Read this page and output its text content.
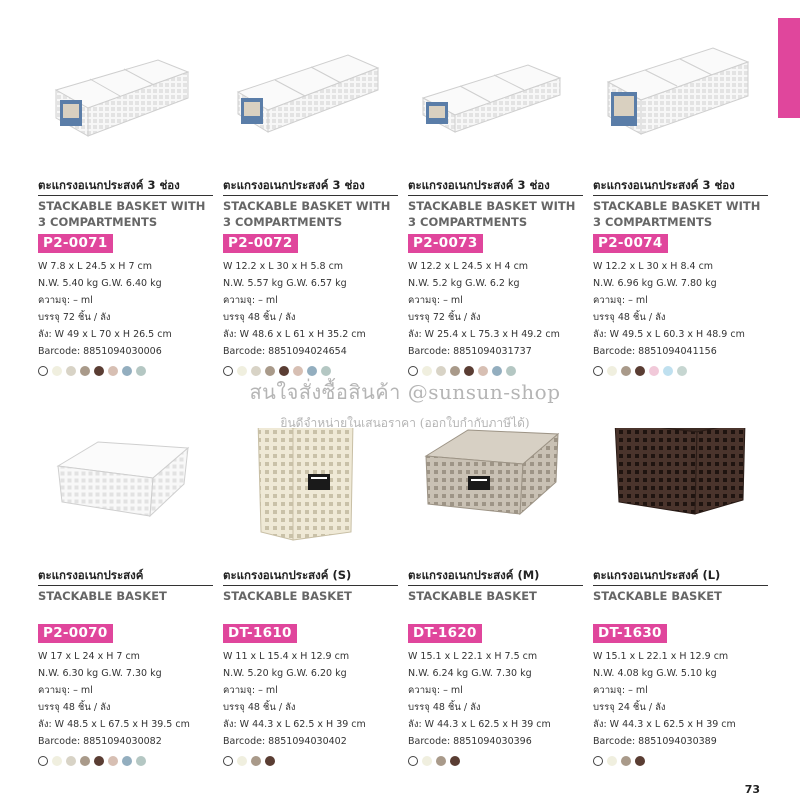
ตะแกรงอเนกประสงค์ 3 ช่อง
STACKABLE BASKET WITH
3 COMPARTMENTS
P2-0071
W 7.8 x L 24.5 x H 7 cm
N.W. 5.40 kg G.W. 6.40 kg
ความจุ: – ml
บรรจุ 72 ชิ้น / ลัง
ลัง: W 49 x L 70 x H 26.5 cm
Barcode: 8851094030006
ตะแกรงอเนกประสงค์ 3 ช่อง
STACKABLE BASKET WITH
3 COMPARTMENTS
P2-0072
W 12.2 x L 30 x H 5.8 cm
N.W. 5.57 kg G.W. 6.57 kg
ความจุ: – ml
บรรจุ 48 ชิ้น / ลัง
ลัง: W 48.6 x L 61 x H 35.2 cm
Barcode: 8851094024654
ตะแกรงอเนกประสงค์ 3 ช่อง
STACKABLE BASKET WITH
3 COMPARTMENTS
P2-0073
W 12.2 x L 24.5 x H 4 cm
N.W. 5.2 kg G.W. 6.2 kg
ความจุ: – ml
บรรจุ 72 ชิ้น / ลัง
ลัง: W 25.4 x L 75.3 x H 49.2 cm
Barcode: 8851094031737
ตะแกรงอเนกประสงค์ 3 ช่อง
STACKABLE BASKET WITH
3 COMPARTMENTS
P2-0074
W 12.2 x L 30 x H 8.4 cm
N.W. 6.96 kg G.W. 7.80 kg
ความจุ: – ml
บรรจุ 48 ชิ้น / ลัง
ลัง: W 49.5 x L 60.3 x H 48.9 cm
Barcode: 8851094041156
ตะแกรงอเนกประสงค์
STACKABLE BASKET
P2-0070
W 17 x L 24 x H 7 cm
N.W. 6.30 kg G.W. 7.30 kg
ความจุ: – ml
บรรจุ 48 ชิ้น / ลัง
ลัง: W 48.5 x L 67.5 x H 39.5 cm
Barcode: 8851094030082
ตะแกรงอเนกประสงค์ (S)
STACKABLE BASKET
DT-1610
W 11 x L 15.4 x H 12.9 cm
N.W. 5.20 kg G.W. 6.20 kg
ความจุ: – ml
บรรจุ 48 ชิ้น / ลัง
ลัง: W 44.3 x L 62.5 x H 39 cm
Barcode: 8851094030402
ตะแกรงอเนกประสงค์ (M)
STACKABLE BASKET
DT-1620
W 15.1 x L 22.1 x H 7.5 cm
N.W. 6.24 kg G.W. 7.30 kg
ความจุ: – ml
บรรจุ 48 ชิ้น / ลัง
ลัง: W 44.3 x L 62.5 x H 39 cm
Barcode: 8851094030396
ตะแกรงอเนกประสงค์ (L)
STACKABLE BASKET
DT-1630
W 15.1 x L 22.1 x H 12.9 cm
N.W. 4.08 kg G.W. 5.10 kg
ความจุ: – ml
บรรจุ 24 ชิ้น / ลัง
ลัง: W 44.3 x L 62.5 x H 39 cm
Barcode: 8851094030389
สนใจสั่งซื้อสินค้า @sunsun-shop
ยินดีจำหน่ายในเสนอราคา (ออกใบกำกับภาษีได้)
73
